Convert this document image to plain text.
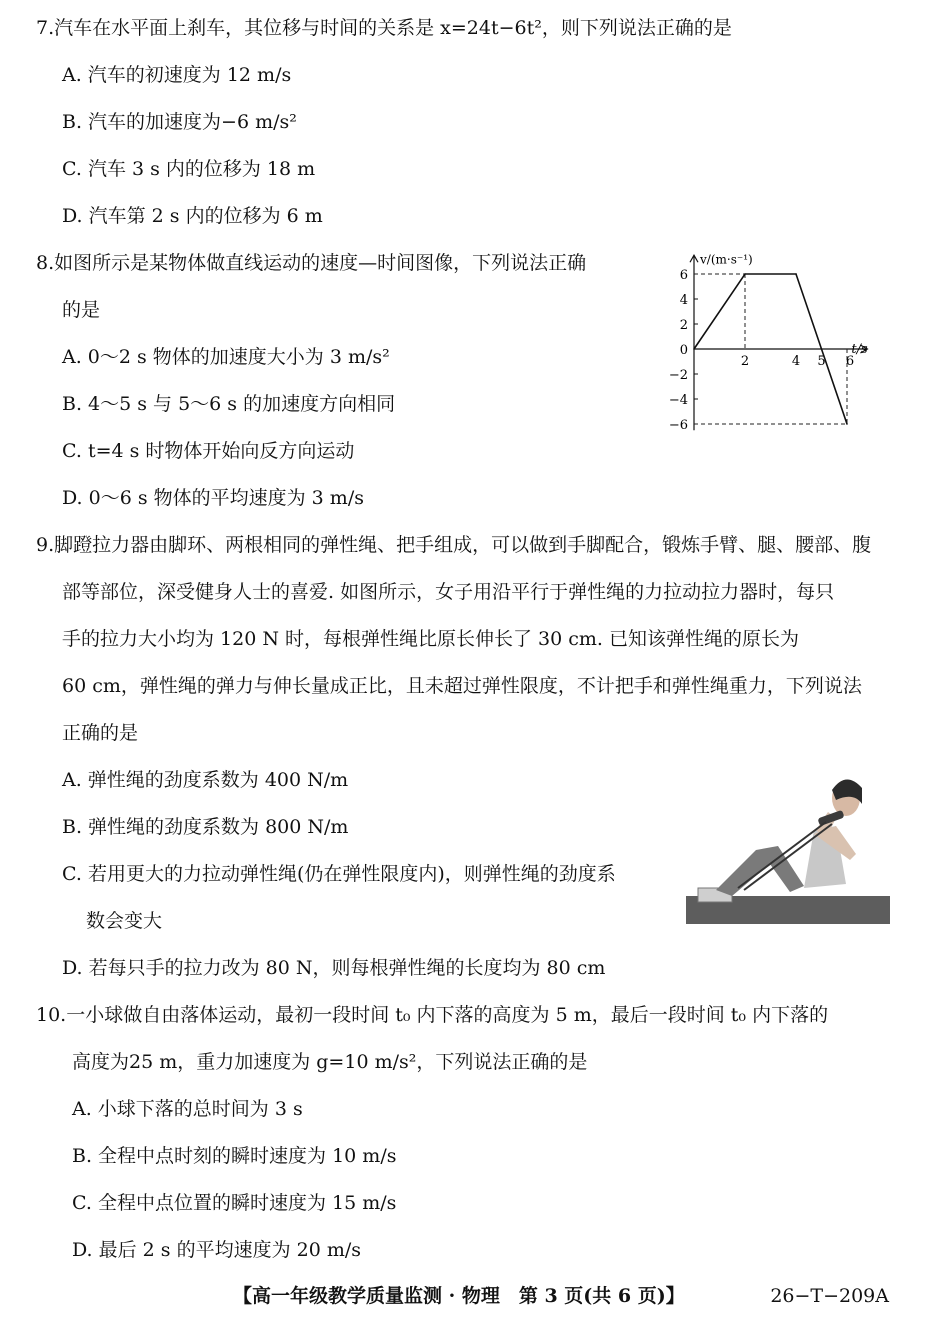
7.汽车在水平面上刹车，其位移与时间的关系是 x=24t−6t²，则下列说法正确的是
A. 汽车的初速度为 12 m/s
B. 汽车的加速度为−6 m/s²
C. 汽车 3 s 内的位移为 18 m
D. 汽车第 2 s 内的位移为 6 m
8.如图所示是某物体做直线运动的速度—时间图像，下列说法正确
的是
A. 0～2 s 物体的加速度大小为 3 m/s²
B. 4～5 s 与 5～6 s 的加速度方向相同
C. t=4 s 时物体开始向反方向运动
D. 0～6 s 物体的平均速度为 3 m/s
v/(m·s⁻¹)
t/s
6
4
2
0
−2
−4
−6
2	4 5 6
9.脚蹬拉力器由脚环、两根相同的弹性绳、把手组成，可以做到手脚配合，锻炼手臂、腿、腰部、腹
部等部位，深受健身人士的喜爱. 如图所示，女子用沿平行于弹性绳的力拉动拉力器时，每只
手的拉力大小均为 120 N 时，每根弹性绳比原长伸长了 30 cm. 已知该弹性绳的原长为
60 cm，弹性绳的弹力与伸长量成正比，且未超过弹性限度，不计把手和弹性绳重力，下列说法
正确的是
A. 弹性绳的劲度系数为 400 N/m
B. 弹性绳的劲度系数为 800 N/m
C. 若用更大的力拉动弹性绳(仍在弹性限度内)，则弹性绳的劲度系
数会变大
D. 若每只手的拉力改为 80 N，则每根弹性绳的长度均为 80 cm
10.一小球做自由落体运动，最初一段时间 t₀ 内下落的高度为 5 m，最后一段时间 t₀ 内下落的
高度为25 m，重力加速度为 g=10 m/s²，下列说法正确的是
A. 小球下落的总时间为 3 s
B. 全程中点时刻的瞬时速度为 10 m/s
C. 全程中点位置的瞬时速度为 15 m/s
D. 最后 2 s 的平均速度为 20 m/s
【高一年级教学质量监测 · 物理　第 3 页(共 6 页)】	26−T−209A
